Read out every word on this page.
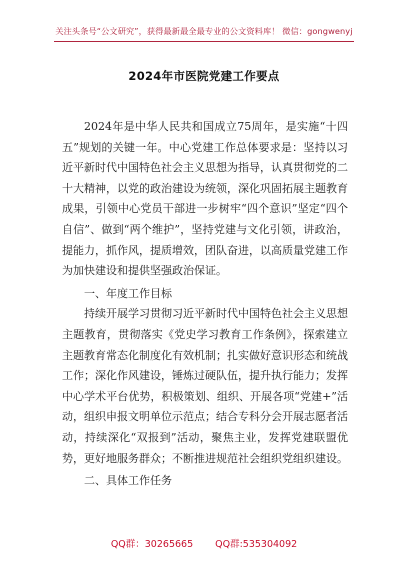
关注头条号“公文研究”，获得最新最全最专业的公文资料库！ 微信：gongwenyj
2024年市医院党建工作要点

2024年是中华人民共和国成立75周年，是实施“十四五”规划的关键一年。中心党建工作总体要求是：坚持以习近平新时代中国特色社会主义思想为指导，认真贯彻党的二十大精神，以党的政治建设为统领，深化巩固拓展主题教育成果，引领中心党员干部进一步树牢“四个意识”坚定“四个自信”、做到“两个维护”，坚持党建与文化引领，讲政治，提能力，抓作风，提质增效，团队奋进，以高质量党建工作为加快建设和提供坚强政治保证。

一、年度工作目标

持续开展学习贯彻习近平新时代中国特色社会主义思想主题教育，贯彻落实《党史学习教育工作条例》，探索建立主题教育常态化制度化有效机制；扎实做好意识形态和统战工作；深化作风建设，锤炼过硬队伍，提升执行能力；发挥中心学术平台优势，积极策划、组织、开展各项“党建+”活动，组织申报文明单位示范点；结合专科分会开展志愿者活动，持续深化“双报到”活动，聚焦主业，发挥党建联盟优势，更好地服务群众；不断推进规范社会组织党组织建设。

二、具体工作任务

QQ群：30265665 QQ群:535304092
